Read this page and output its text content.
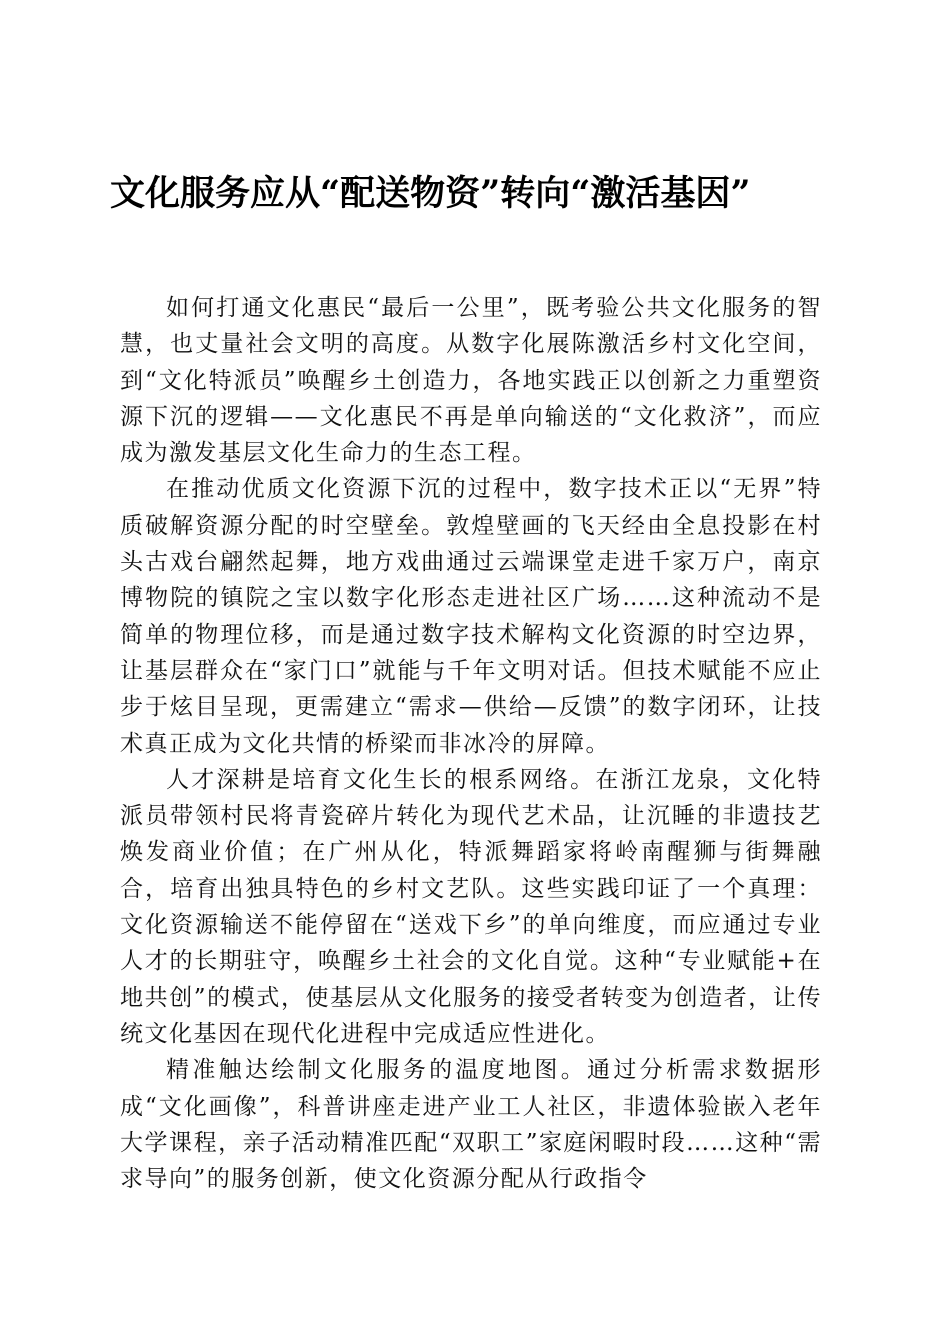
文化服务应从“配送物资”转向“激活基因”

如何打通文化惠民“最后一公里”，既考验公共文化服务的智慧，也丈量社会文明的高度。从数字化展陈激活乡村文化空间，到“文化特派员”唤醒乡土创造力，各地实践正以创新之力重塑资源下沉的逻辑——文化惠民不再是单向输送的“文化救济”，而应成为激发基层文化生命力的生态工程。

在推动优质文化资源下沉的过程中，数字技术正以“无界”特质破解资源分配的时空壁垒。敦煌壁画的飞天经由全息投影在村头古戏台翩然起舞，地方戏曲通过云端课堂走进千家万户，南京博物院的镇院之宝以数字化形态走进社区广场……这种流动不是简单的物理位移，而是通过数字技术解构文化资源的时空边界，让基层群众在“家门口”就能与千年文明对话。但技术赋能不应止步于炫目呈现，更需建立“需求—供给—反馈”的数字闭环，让技术真正成为文化共情的桥梁而非冰冷的屏障。

人才深耕是培育文化生长的根系网络。在浙江龙泉，文化特派员带领村民将青瓷碎片转化为现代艺术品，让沉睡的非遗技艺焕发商业价值；在广州从化，特派舞蹈家将岭南醒狮与街舞融合，培育出独具特色的乡村文艺队。这些实践印证了一个真理：文化资源输送不能停留在“送戏下乡”的单向维度，而应通过专业人才的长期驻守，唤醒乡土社会的文化自觉。这种“专业赋能+在地共创”的模式，使基层从文化服务的接受者转变为创造者，让传统文化基因在现代化进程中完成适应性进化。

精准触达绘制文化服务的温度地图。通过分析需求数据形成“文化画像”，科普讲座走进产业工人社区，非遗体验嵌入老年大学课程，亲子活动精准匹配“双职工”家庭闲暇时段……这种“需求导向”的服务创新，使文化资源分配从行政指令
